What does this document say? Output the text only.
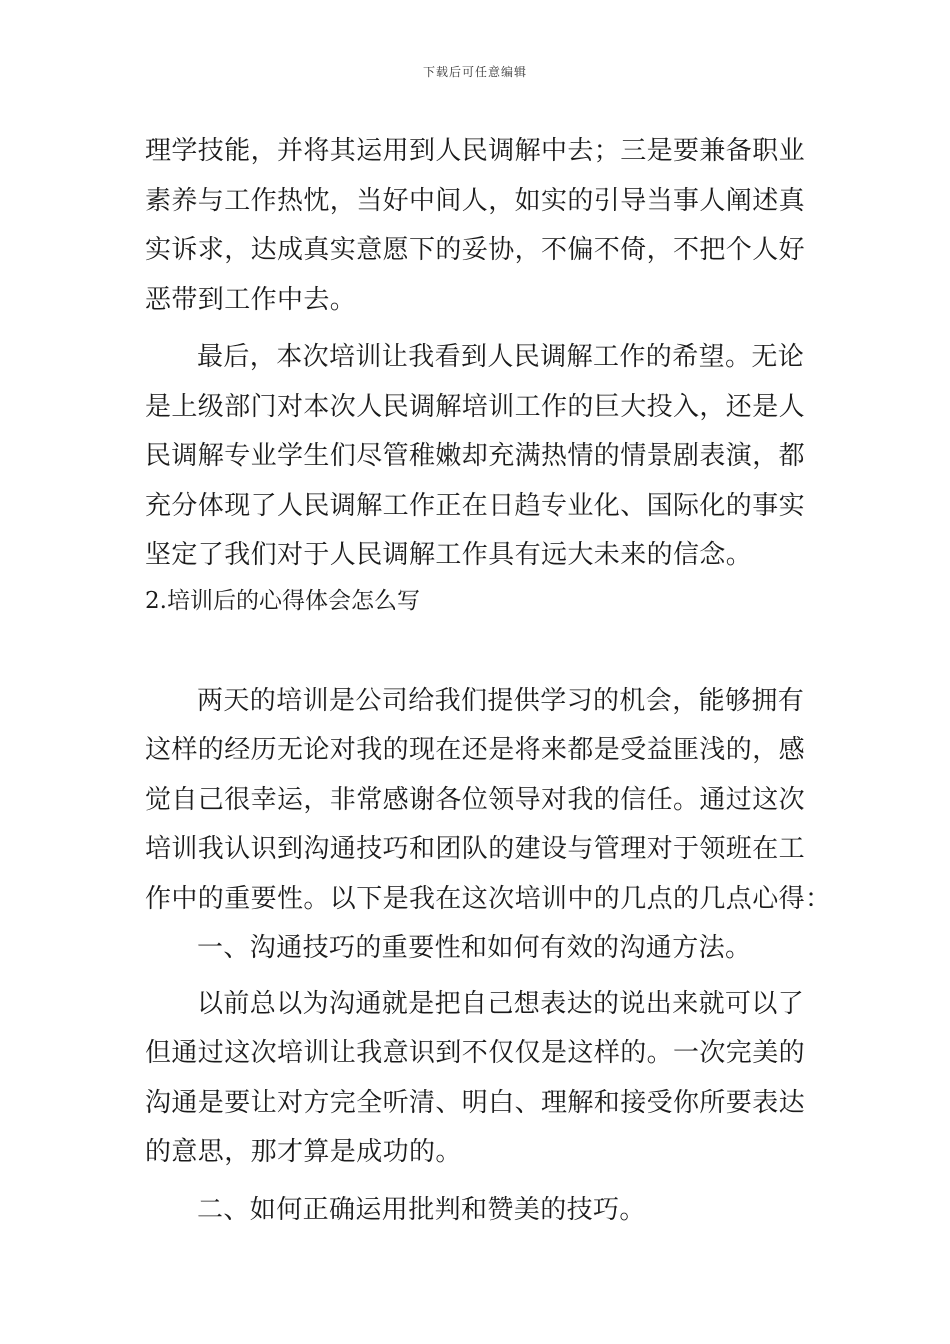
下载后可任意编辑
理学技能，并将其运用到人民调解中去；三是要兼备职业
素养与工作热忱，当好中间人，如实的引导当事人阐述真
实诉求，达成真实意愿下的妥协，不偏不倚，不把个人好
恶带到工作中去。
最后，本次培训让我看到人民调解工作的希望。无论
是上级部门对本次人民调解培训工作的巨大投入，还是人
民调解专业学生们尽管稚嫩却充满热情的情景剧表演，都
充分体现了人民调解工作正在日趋专业化、国际化的事实
坚定了我们对于人民调解工作具有远大未来的信念。
2.培训后的心得体会怎么写
两天的培训是公司给我们提供学习的机会，能够拥有
这样的经历无论对我的现在还是将来都是受益匪浅的，感
觉自己很幸运，非常感谢各位领导对我的信任。通过这次
培训我认识到沟通技巧和团队的建设与管理对于领班在工
作中的重要性。以下是我在这次培训中的几点的几点心得：
一、沟通技巧的重要性和如何有效的沟通方法。
以前总以为沟通就是把自己想表达的说出来就可以了
但通过这次培训让我意识到不仅仅是这样的。一次完美的
沟通是要让对方完全听清、明白、理解和接受你所要表达
的意思，那才算是成功的。
二、如何正确运用批判和赞美的技巧。
